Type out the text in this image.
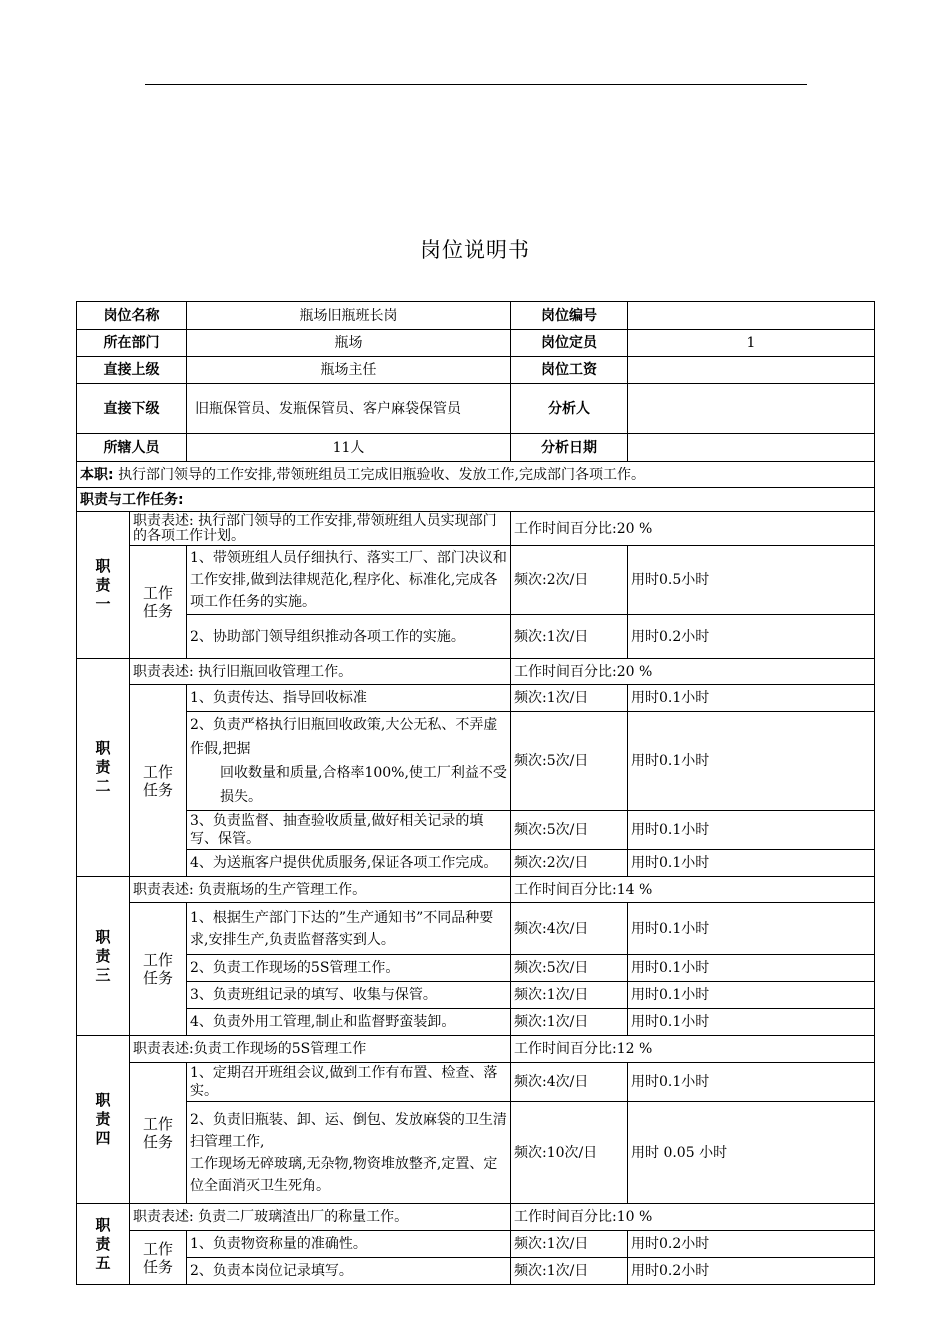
岗位说明书
岗位名称		瓶场旧瓶班长岗	岗位编号	
所在部门		瓶场	岗位定员	1
直接上级		瓶场主任	岗位工资	
直接下级		旧瓶保管员、发瓶保管员、客户麻袋保管员	分析人	
所辖人员		11人	分析日期	
本职: 执行部门领导的工作安排,带领班组员工完成旧瓶验收、发放工作,完成部门各项工作。				
职责与工作任务:				
职责一	职责表述: 执行部门领导的工作安排,带领班组人员实现部门的各项工作计划。		工作时间百分比:20 %	
	工作任务	1、带领班组人员仔细执行、落实工厂、部门决议和工作安排,做到法律规范化,程序化、标准化,完成各项工作任务的实施。	频次:2次/日	用时0.5小时
		2、协助部门领导组织推动各项工作的实施。	频次:1次/日	用时0.2小时
职责二	职责表述: 执行旧瓶回收管理工作。		工作时间百分比:20 %	
	工作任务	1、负责传达、指导回收标准	频次:1次/日	用时0.1小时
		2、负责严格执行旧瓶回收政策,大公无私、不弄虚作假,把据
回收数量和质量,合格率100%,使工厂利益不受损失。	频次:5次/日	用时0.1小时
		3、负责监督、抽查验收质量,做好相关记录的填写、保管。	频次:5次/日	用时0.1小时
		4、为送瓶客户提供优质服务,保证各项工作完成。	频次:2次/日	用时0.1小时
职责三	职责表述: 负责瓶场的生产管理工作。		工作时间百分比:14 %	
	工作任务	1、根据生产部门下达的”生产通知书”不同品种要求,安排生产,负责监督落实到人。	频次:4次/日	用时0.1小时
		2、负责工作现场的5S管理工作。	频次:5次/日	用时0.1小时
		3、负责班组记录的填写、收集与保管。	频次:1次/日	用时0.1小时
		4、负责外用工管理,制止和监督野蛮装卸。	频次:1次/日	用时0.1小时
职责四	职责表述:负责工作现场的5S管理工作		工作时间百分比:12 %	
	工作任务	1、定期召开班组会议,做到工作有布置、检查、落实。	频次:4次/日	用时0.1小时
		2、负责旧瓶装、卸、运、倒包、发放麻袋的卫生清扫管理工作,
工作现场无碎玻璃,无杂物,物资堆放整齐,定置、定位全面消灭卫生死角。	频次:10次/日	用时 0.05 小时
职责五	职责表述: 负责二厂玻璃渣出厂的称量工作。		工作时间百分比:10 %	
	工作任务	1、负责物资称量的准确性。	频次:1次/日	用时0.2小时
		2、负责本岗位记录填写。	频次:1次/日	用时0.2小时
